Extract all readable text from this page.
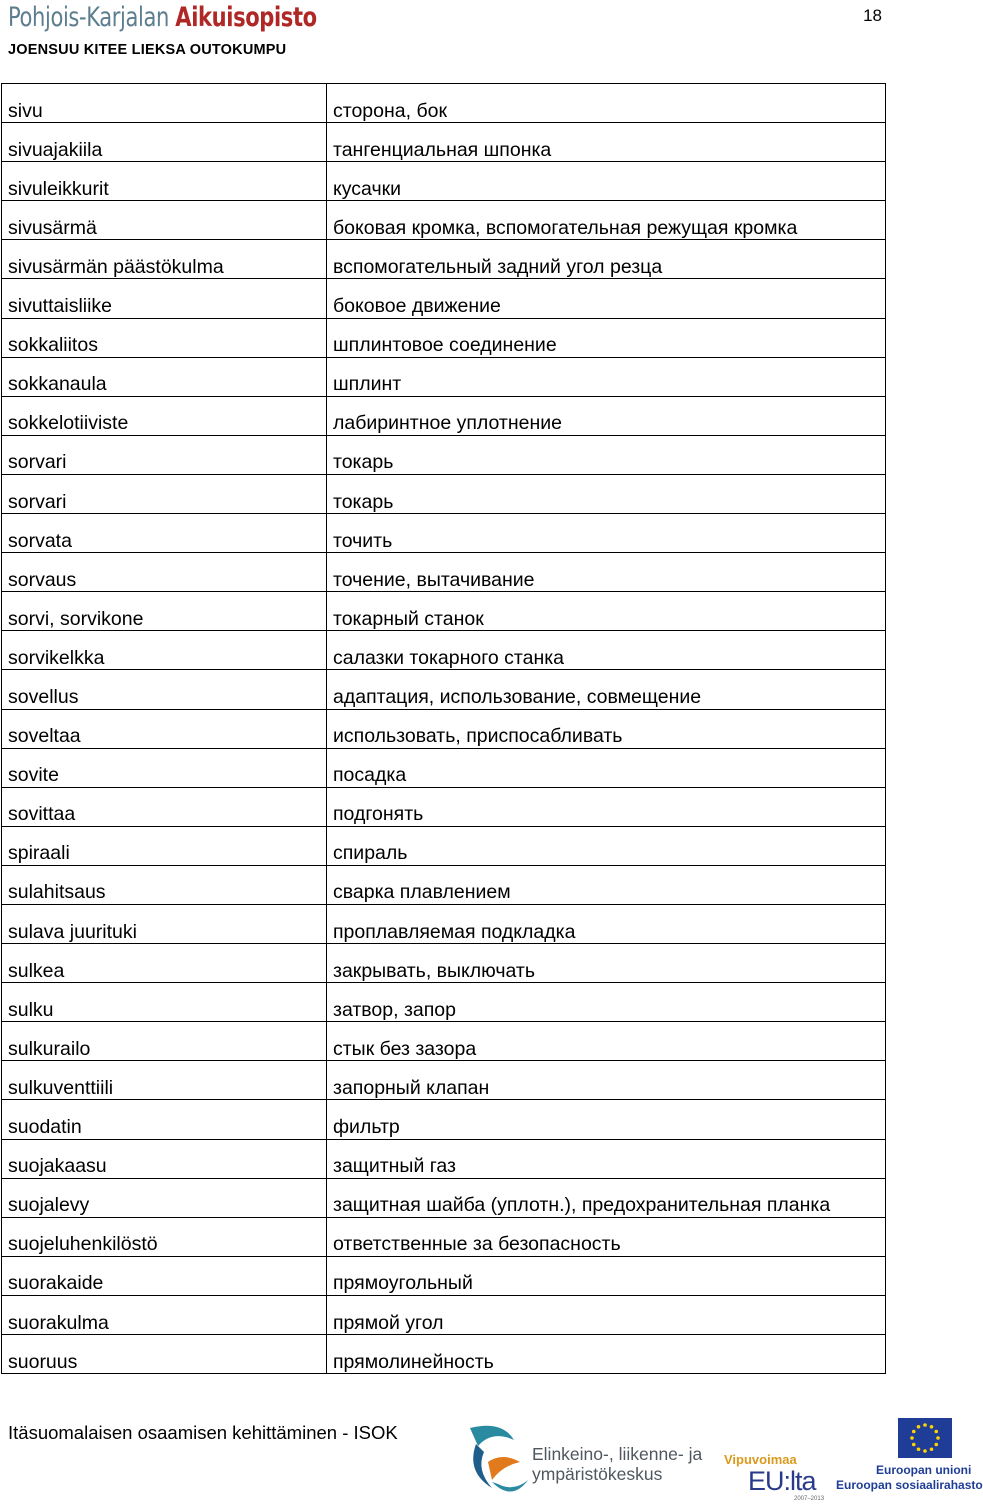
Pohjois-Karjalan Aikuisopisto	18
JOENSUU KITEE LIEKSA OUTOKUMPU
sivu	сторона, бок
sivuajakiila	тангенциальная шпонка
sivuleikkurit	кусачки
sivusärmä	боковая кромка, вспомогательная режущая кромка
sivusärmän päästökulma	вспомогательный задний угол резца
sivuttaisliike	боковое движение
sokkaliitos	шплинтовое соединение
sokkanaula	шплинт
sokkelotiiviste	лабиринтное уплотнение
sorvari	токарь
sorvari	токарь
sorvata	точить
sorvaus	точение, вытачивание
sorvi, sorvikone	токарный станок
sorvikelkka	салазки токарного станка
sovellus	адаптация, использование, совмещение
soveltaa	использовать, приспосабливать
sovite	посадка
sovittaa	подгонять
spiraali	спираль
sulahitsaus	сварка плавлением
sulava juurituki	проплавляемая подкладка
sulkea	закрывать, выключать
sulku	затвор, запор
sulkurailo	стык без зазора
sulkuventtiili	запорный клапан
suodatin	фильтр
suojakaasu	защитный газ
suojalevy	защитная шайба (уплотн.), предохранительная планка
suojeluhenkilöstö	ответственные за безопасность
suorakaide	прямоугольный
suorakulma	прямой угол
suoruus	прямолинейность
Itäsuomalaisen osaamisen kehittäminen - ISOK
Elinkeino-, liikenne- ja
ympäristökeskus
Vipuvoimaa
EU:lta
2007–2013
Euroopan unioni
Euroopan sosiaalirahasto
